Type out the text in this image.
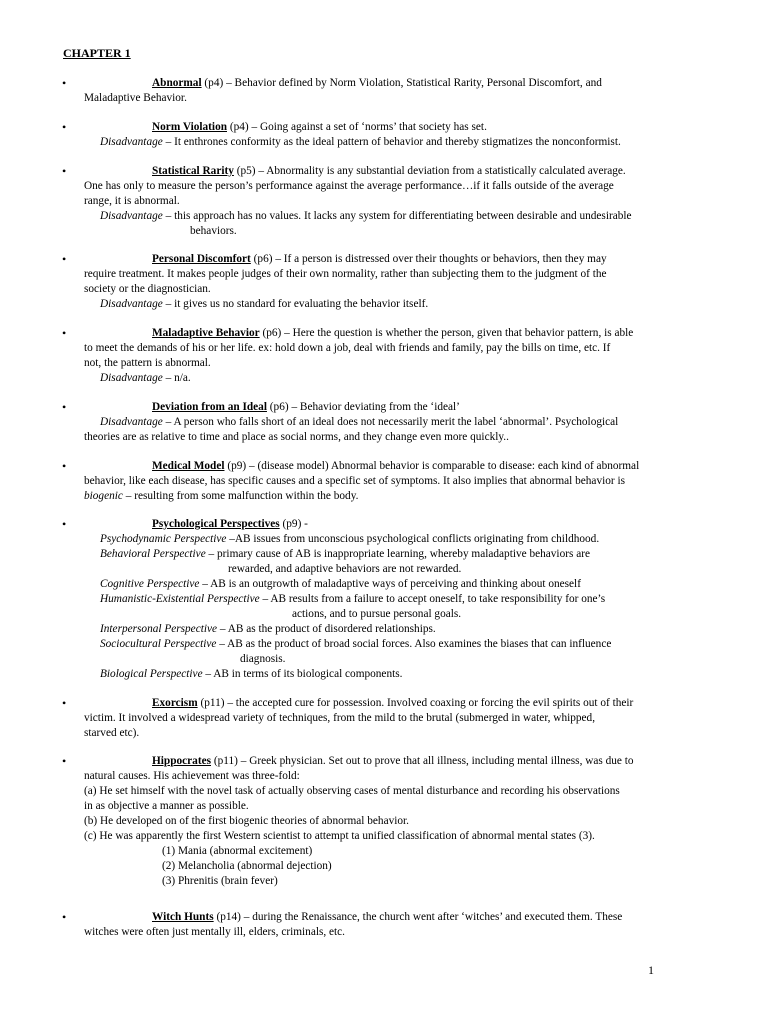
CHAPTER 1
•	Abnormal (p4) – Behavior defined by Norm Violation, Statistical Rarity, Personal Discomfort, and
Maladaptive Behavior.
•	Norm Violation (p4) – Going against a set of ‘norms’ that society has set.
Disadvantage – It enthrones conformity as the ideal pattern of behavior and thereby stigmatizes the nonconformist.
•	Statistical Rarity (p5) – Abnormality is any substantial deviation from a statistically calculated average.
One has only to measure the person’s performance against the average performance…if it falls outside of the average
range, it is abnormal.
Disadvantage – this approach has no values. It lacks any system for differentiating between desirable and undesirable
behaviors.
•	Personal Discomfort (p6) – If a person is distressed over their thoughts or behaviors, then they may
require treatment. It makes people judges of their own normality, rather than subjecting them to the judgment of the
society or the diagnostician.
Disadvantage – it gives us no standard for evaluating the behavior itself.
•	Maladaptive Behavior (p6) – Here the question is whether the person, given that behavior pattern, is able
to meet the demands of his or her life. ex: hold down a job, deal with friends and family, pay the bills on time, etc. If
not, the pattern is abnormal.
Disadvantage – n/a.
•	Deviation from an Ideal (p6) – Behavior deviating from the ‘ideal’
Disadvantage – A person who falls short of an ideal does not necessarily merit the label ‘abnormal’. Psychological
theories are as relative to time and place as social norms, and they change even more quickly..
•	Medical Model (p9) – (disease model) Abnormal behavior is comparable to disease: each kind of abnormal
behavior, like each disease, has specific causes and a specific set of symptoms. It also implies that abnormal behavior is
biogenic – resulting from some malfunction within the body.
•	Psychological Perspectives (p9) -
Psychodynamic Perspective –AB issues from unconscious psychological conflicts originating from childhood.
Behavioral Perspective – primary cause of AB is inappropriate learning, whereby maladaptive behaviors are
rewarded, and adaptive behaviors are not rewarded.
Cognitive Perspective – AB is an outgrowth of maladaptive ways of perceiving and thinking about oneself
Humanistic-Existential Perspective – AB results from a failure to accept oneself, to take responsibility for one’s
actions, and to pursue personal goals.
Interpersonal Perspective – AB as the product of disordered relationships.
Sociocultural Perspective – AB as the product of broad social forces. Also examines the biases that can influence
diagnosis.
Biological Perspective – AB in terms of its biological components.
•	Exorcism (p11) – the accepted cure for possession. Involved coaxing or forcing the evil spirits out of their
victim. It involved a widespread variety of techniques, from the mild to the brutal (submerged in water, whipped,
starved etc).
•	Hippocrates (p11) – Greek physician. Set out to prove that all illness, including mental illness, was due to
natural causes. His achievement was three-fold:
(a) He set himself with the novel task of actually observing cases of mental disturbance and recording his observations
in as objective a manner as possible.
(b) He developed on of the first biogenic theories of abnormal behavior.
(c) He was apparently the first Western scientist to attempt ta unified classification of abnormal mental states (3).
(1) Mania (abnormal excitement)
(2) Melancholia (abnormal dejection)
(3) Phrenitis (brain fever)
•	Witch Hunts (p14) – during the Renaissance, the church went after ‘witches’ and executed them. These
witches were often just mentally ill, elders, criminals, etc.
1
